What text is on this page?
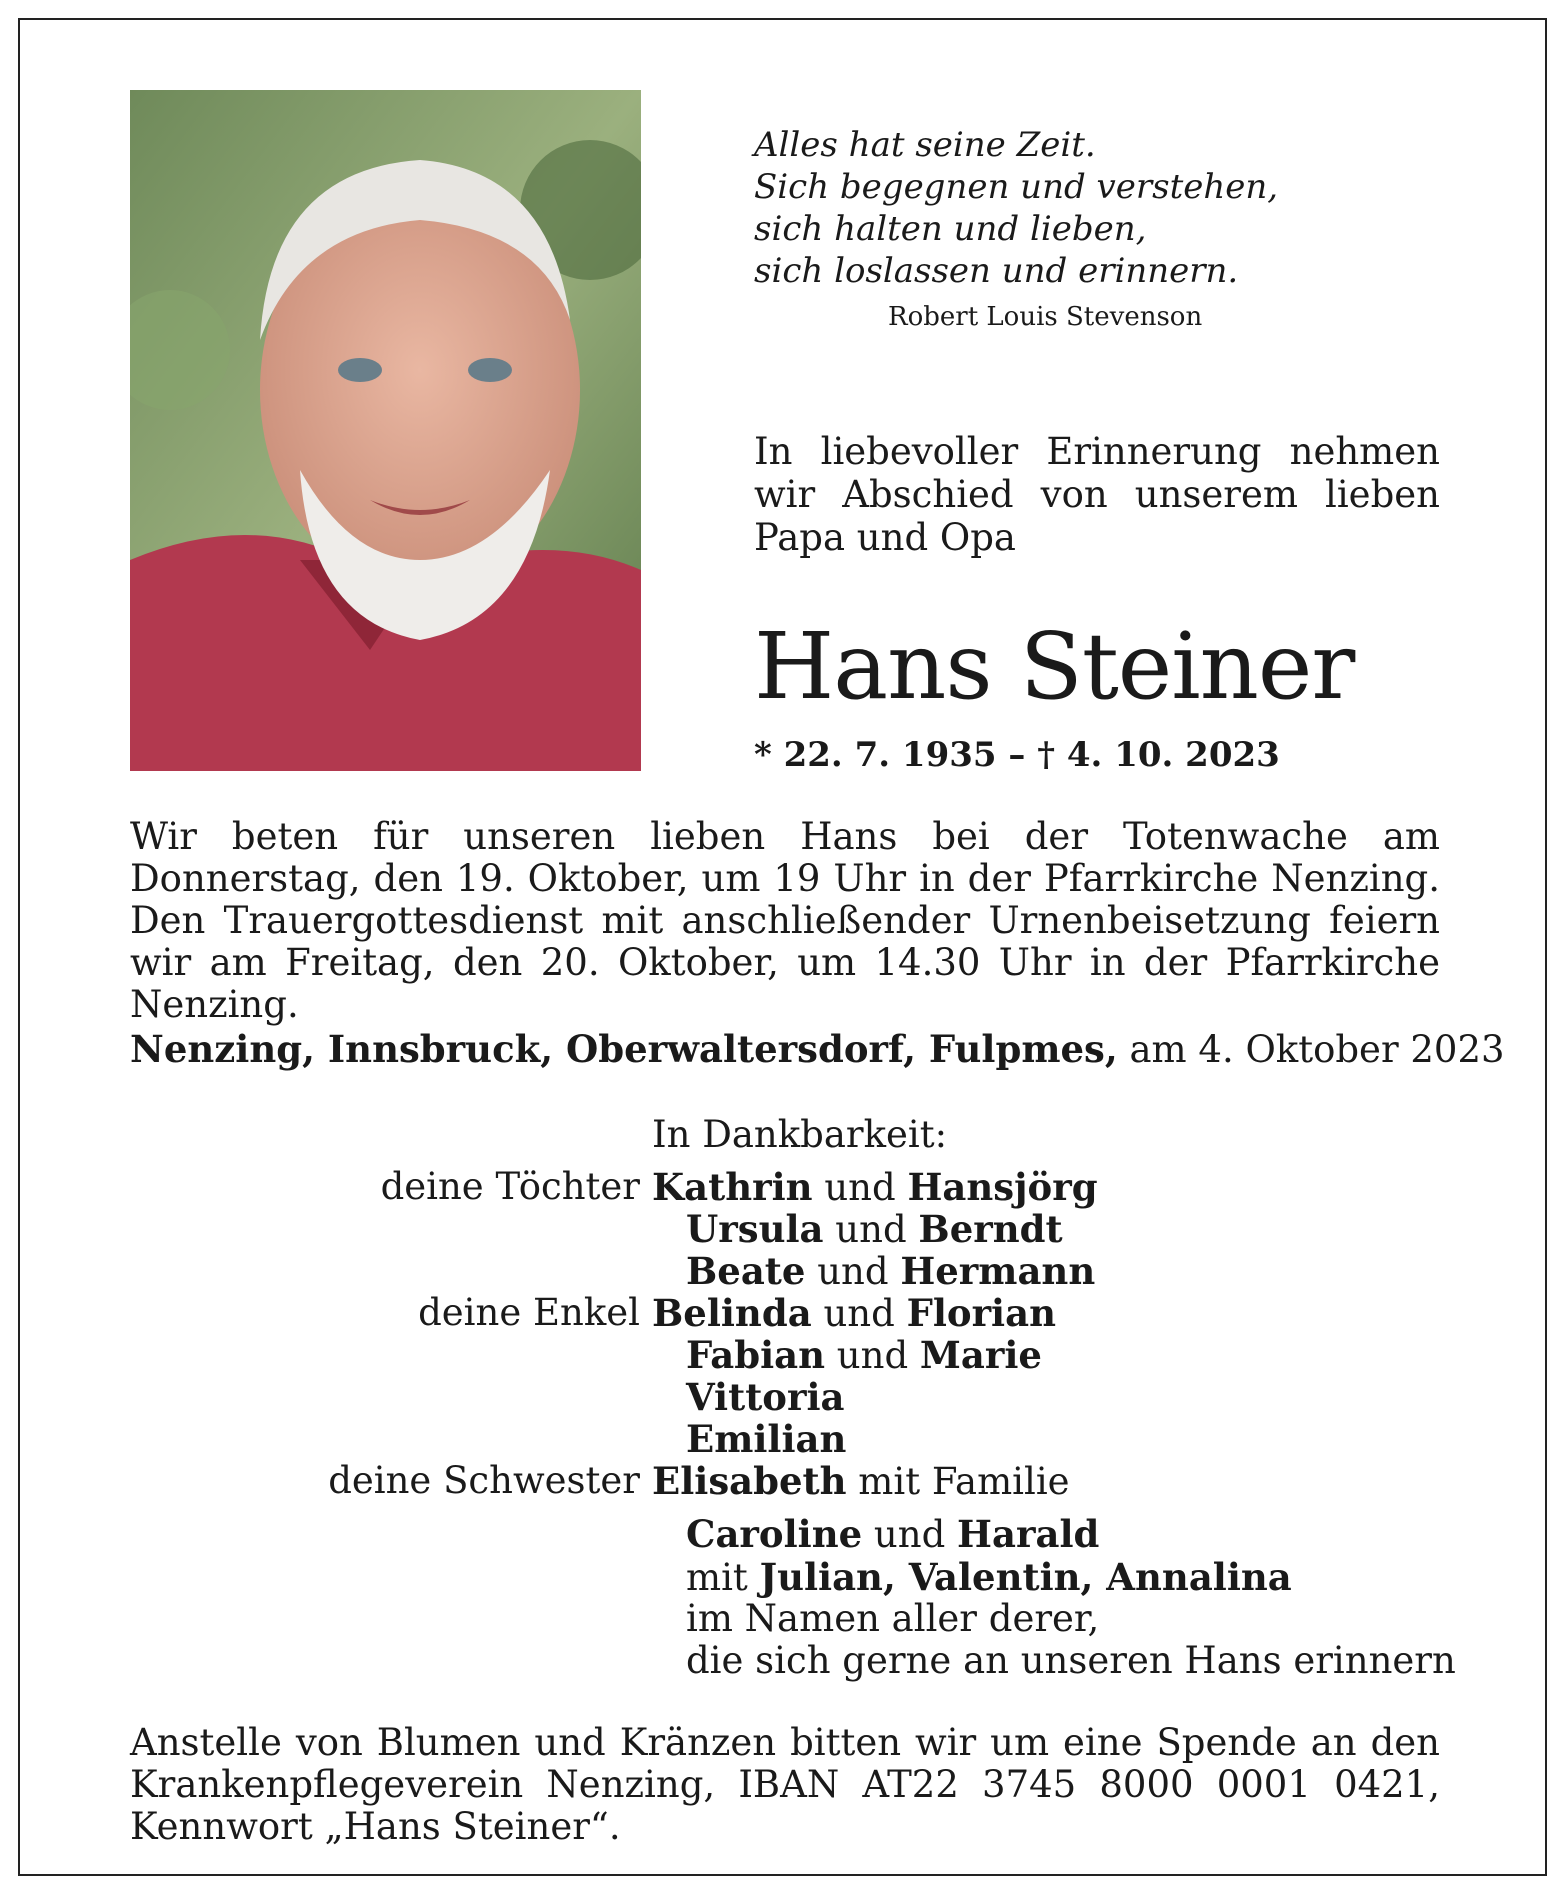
Alles hat seine Zeit.
Sich begegnen und verstehen,
sich halten und lieben,
sich loslassen und erinnern.
Robert Louis Stevenson
In liebevoller Erinnerung nehmen wir Abschied von unserem lieben Papa und Opa
Hans Steiner
* 22. 7. 1935 – † 4. 10. 2023
Wir beten für unseren lieben Hans bei der Totenwache am Donnerstag, den 19. Oktober, um 19 Uhr in der Pfarrkirche Nenzing. Den Trauergottesdienst mit anschließender Urnenbeisetzung feiern wir am Freitag, den 20. Oktober, um 14.30 Uhr in der Pfarrkirche Nenzing.
Nenzing, Innsbruck, Oberwaltersdorf, Fulpmes, am 4. Oktober 2023
In Dankbarkeit:
deine Töchter Kathrin und Hansjörg
Ursula und Berndt
Beate und Hermann
deine Enkel Belinda und Florian
Fabian und Marie
Vittoria
Emilian
deine Schwester Elisabeth mit Familie
Caroline und Harald
mit Julian, Valentin, Annalina
im Namen aller derer,
die sich gerne an unseren Hans erinnern
Anstelle von Blumen und Kränzen bitten wir um eine Spende an den Krankenpflegeverein Nenzing, IBAN AT22 3745 8000 0001 0421, Kennwort „Hans Steiner“.
